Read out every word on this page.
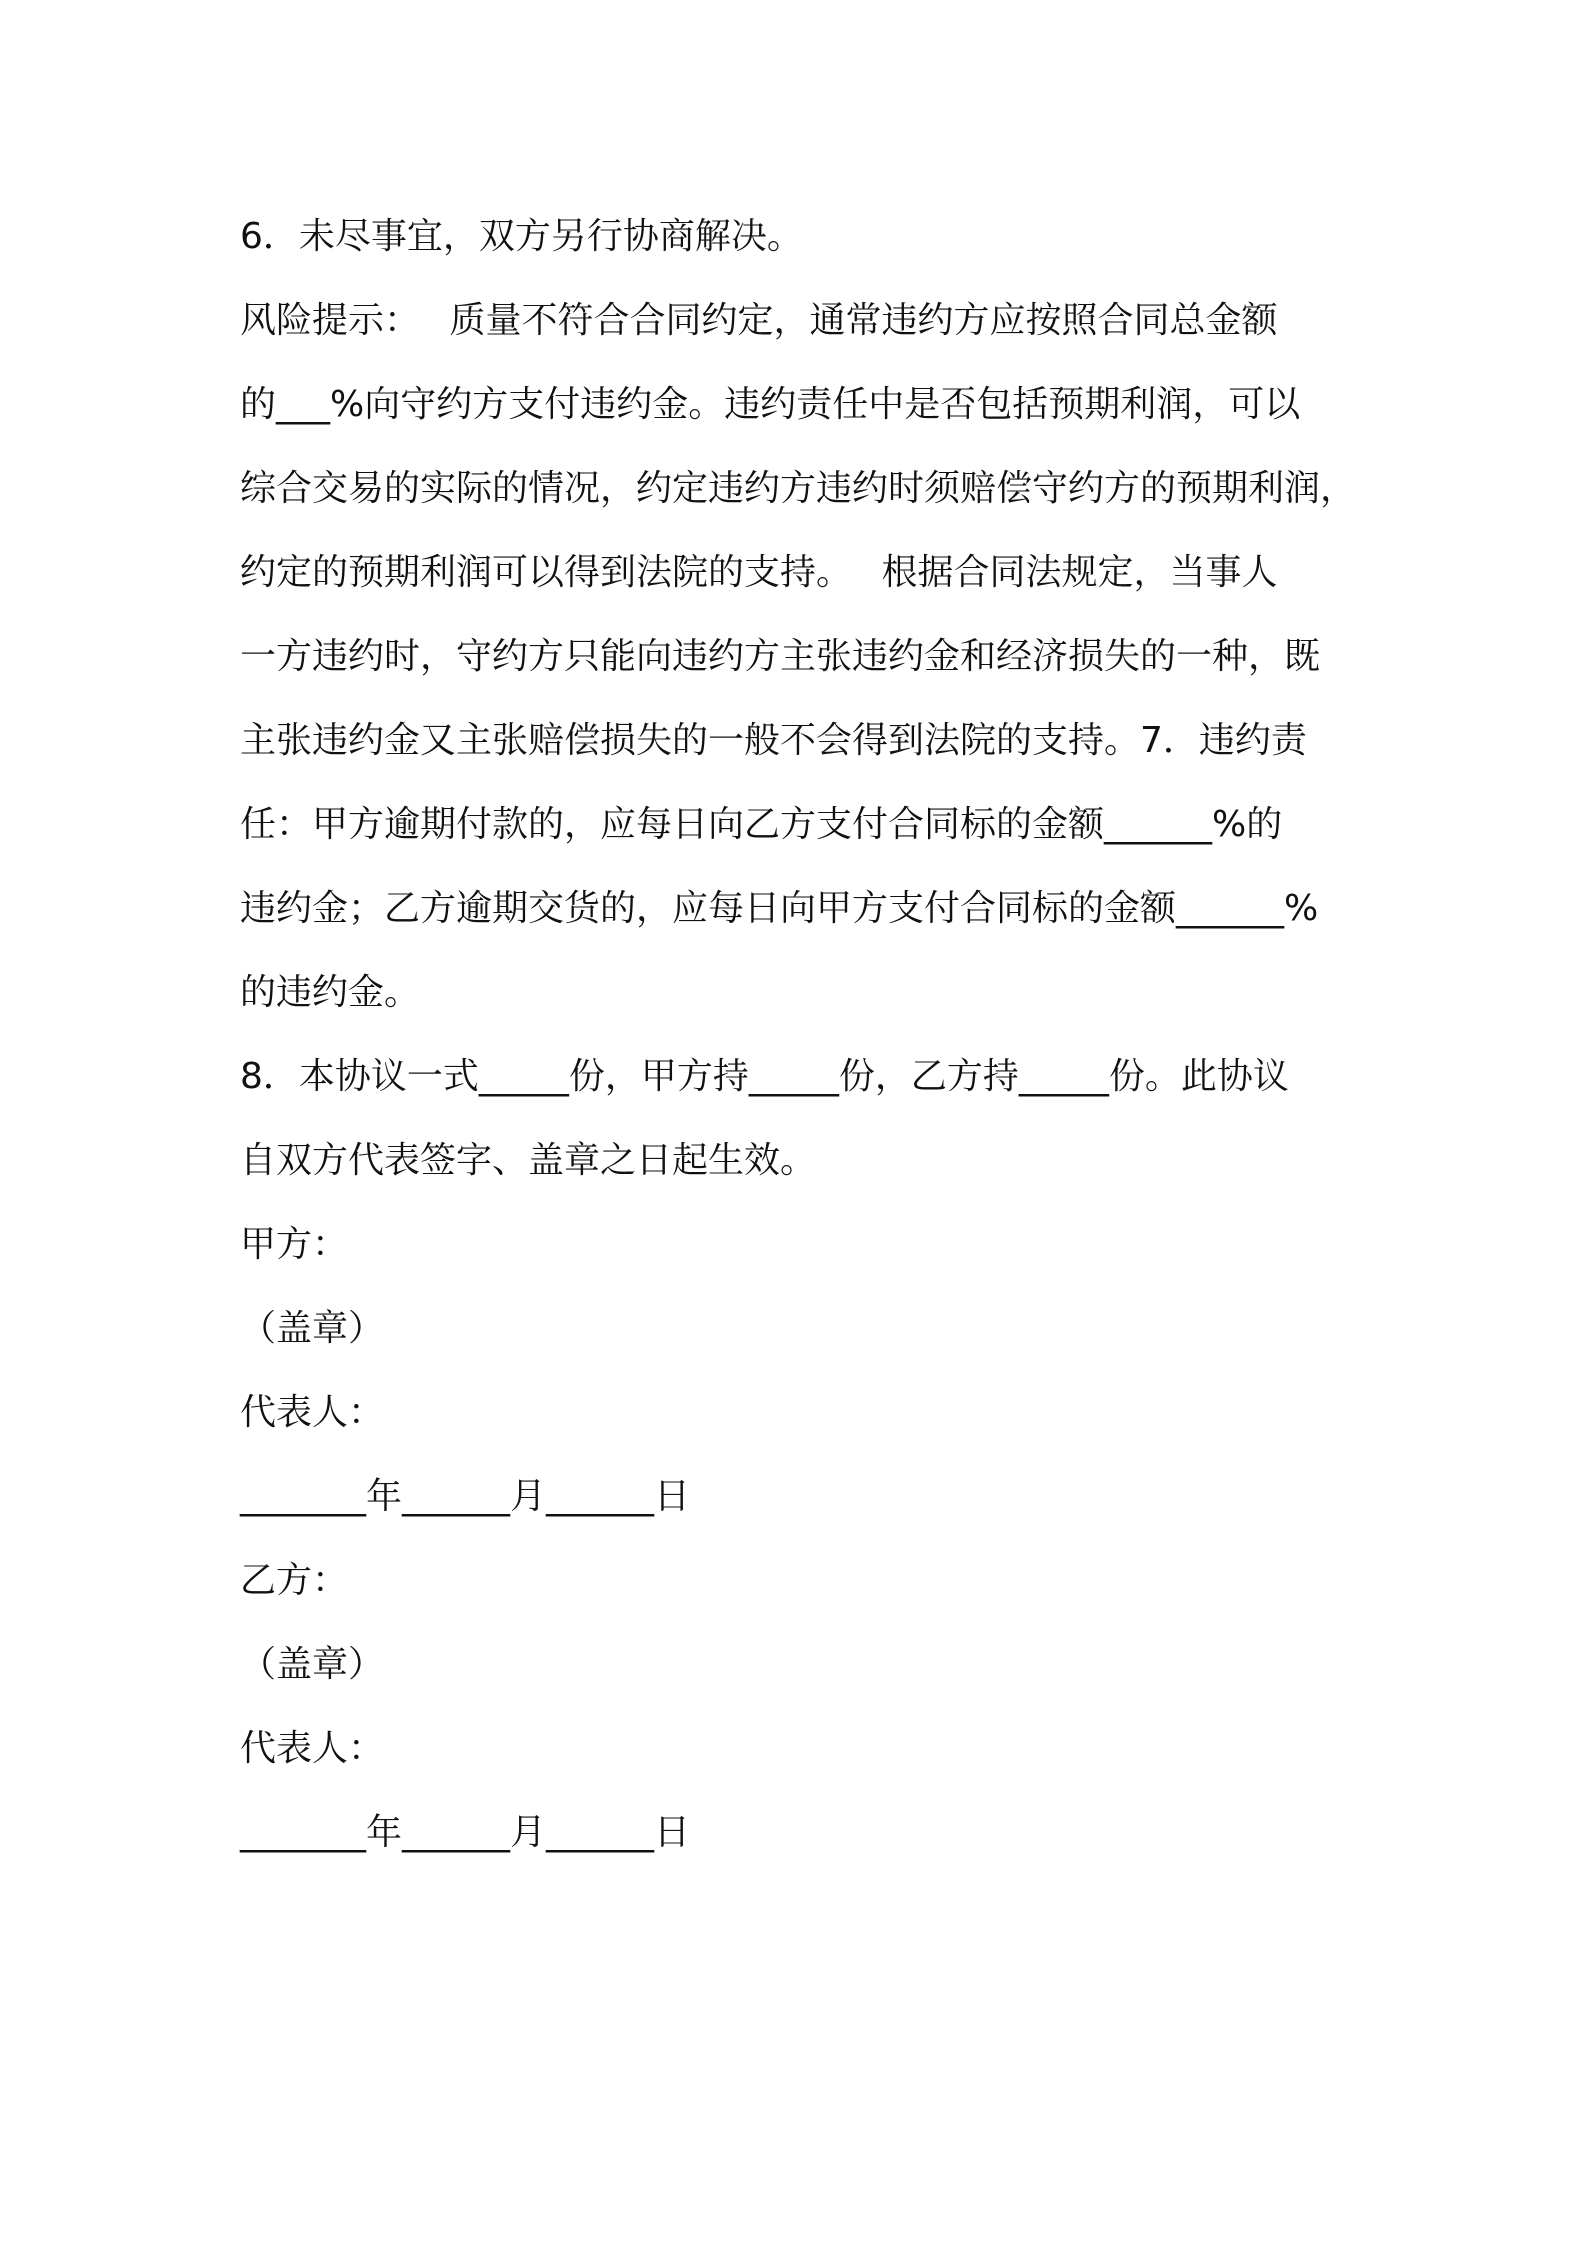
6．未尽事宜，双方另行协商解决。
风险提示：　 质量不符合合同约定，通常违约方应按照合同总金额
的___%向守约方支付违约金。违约责任中是否包括预期利润，可以
综合交易的实际的情况，约定违约方违约时须赔偿守约方的预期利润，
约定的预期利润可以得到法院的支持。　 根据合同法规定，当事人
一方违约时，守约方只能向违约方主张违约金和经济损失的一种，既
主张违约金又主张赔偿损失的一般不会得到法院的支持。7．违约责
任：甲方逾期付款的，应每日向乙方支付合同标的金额______%的
违约金；乙方逾期交货的，应每日向甲方支付合同标的金额______%
的违约金。
8．本协议一式_____份，甲方持_____份，乙方持_____份。此协议
自双方代表签字、盖章之日起生效。
甲方：
（盖章）
代表人：
_______年______月______日
乙方：
（盖章）
代表人：
_______年______月______日
